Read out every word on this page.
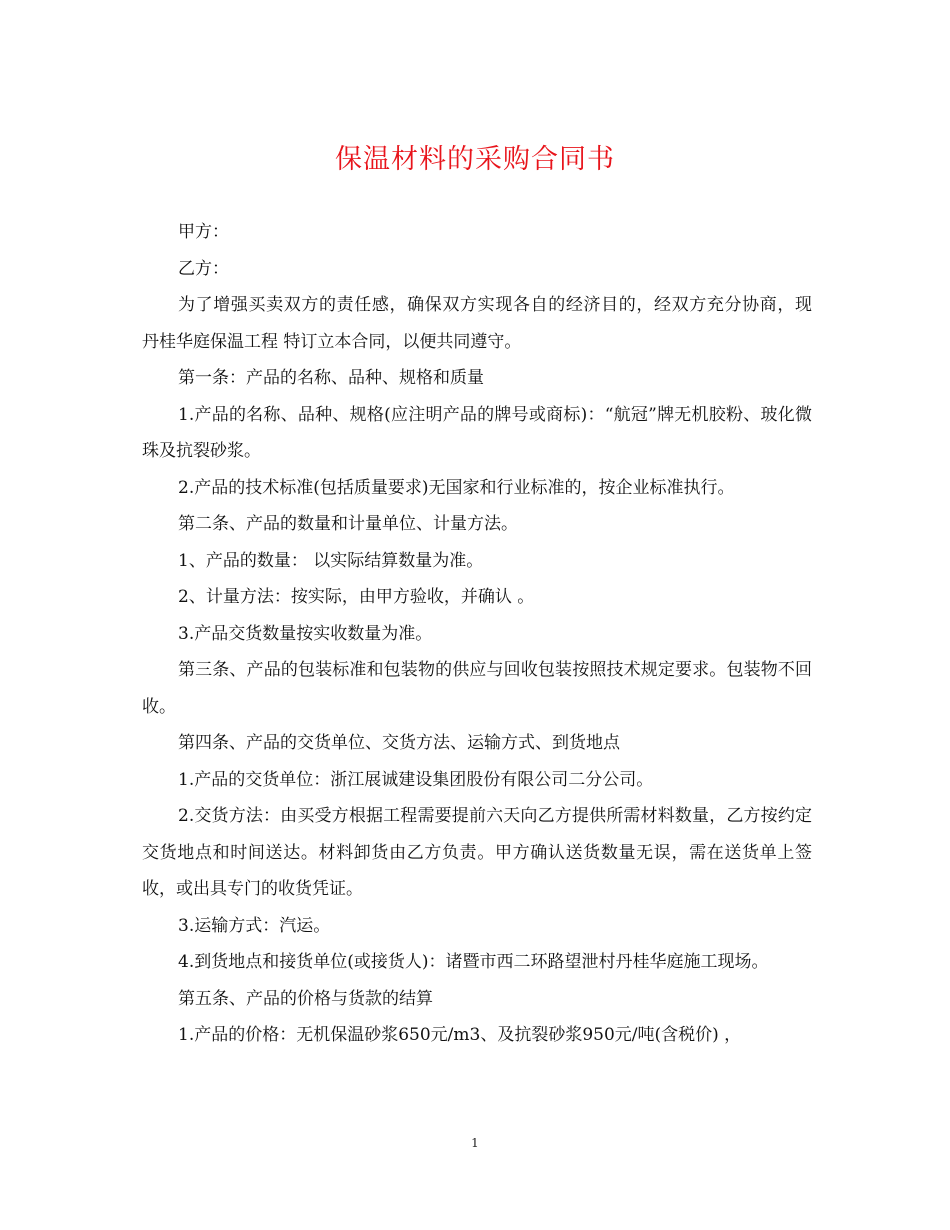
保温材料的采购合同书

甲方：

乙方：

为了增强买卖双方的责任感，确保双方实现各自的经济目的，经双方充分协商，现 丹桂华庭保温工程 特订立本合同，以便共同遵守。

第一条：产品的名称、品种、规格和质量

1.产品的名称、品种、规格(应注明产品的牌号或商标)：“航冠”牌无机胶粉、玻化微珠及抗裂砂浆。

2.产品的技术标准(包括质量要求)无国家和行业标准的，按企业标准执行。

第二条、产品的数量和计量单位、计量方法。

1、产品的数量： 以实际结算数量为准。

2、计量方法：按实际，由甲方验收，并确认 。

3.产品交货数量按实收数量为准。

第三条、产品的包装标准和包装物的供应与回收包装按照技术规定要求。包装物不回收。

第四条、产品的交货单位、交货方法、运输方式、到货地点

1.产品的交货单位：浙江展诚建设集团股份有限公司二分公司。

2.交货方法：由买受方根据工程需要提前六天向乙方提供所需材料数量，乙方按约定交货地点和时间送达。材料卸货由乙方负责。甲方确认送货数量无误，需在送货单上签收，或出具专门的收货凭证。

3.运输方式：汽运。

4.到货地点和接货单位(或接货人)：诸暨市西二环路望泄村丹桂华庭施工现场。

第五条、产品的价格与货款的结算

1.产品的价格：无机保温砂浆650元/m3、及抗裂砂浆950元/吨(含税价) ，

1
